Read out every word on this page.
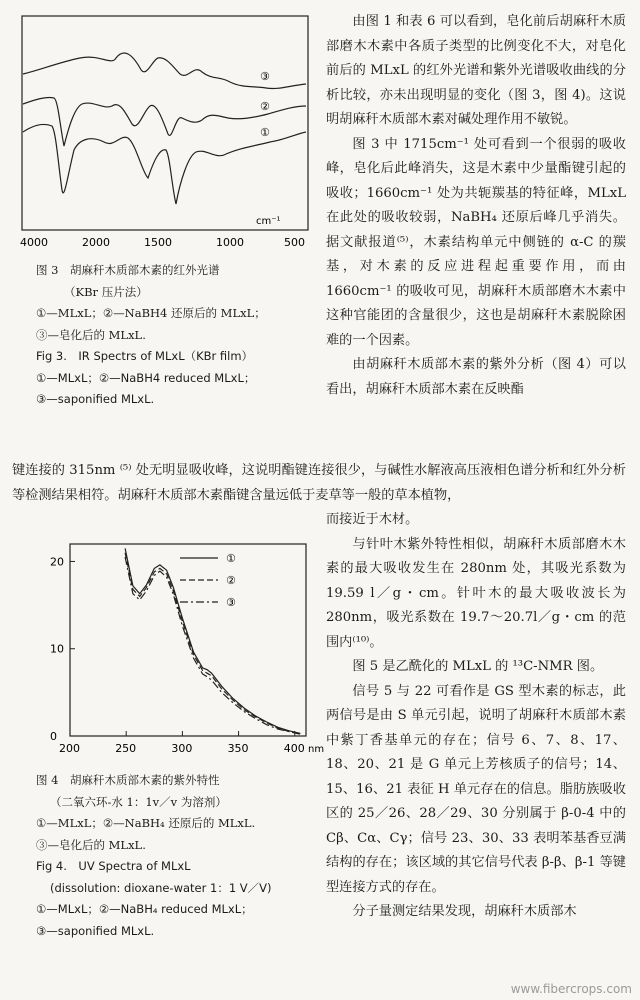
由图 1 和表 6 可以看到，皂化前后胡麻秆木质部磨木木素中各质子类型的比例变化不大，对皂化前后的 MLxL 的红外光谱和紫外光谱吸收曲线的分析比较，亦未出现明显的变化（图 3，图 4)。这说明胡麻秆木质部木素对碱处理作用不敏锐。

图 3 中 1715cm⁻¹ 处可看到一个很弱的吸收峰，皂化后此峰消失，这是木素中少量酯键引起的吸收；1660cm⁻¹ 处为共轭羰基的特征峰，MLxL 在此处的吸收较弱，NaBH₄ 还原后峰几乎消失。据文献报道⁽⁵⁾，木素结构单元中侧链的 α-C 的羰基，对木素的反应进程起重要作用，而由 1660cm⁻¹ 的吸收可见，胡麻秆木质部磨木木素中这种官能团的含量很少，这也是胡麻秆木素脱除困难的一个因素。

由胡麻秆木质部木素的紫外分析（图 4）可以看出，胡麻秆木质部木素在反映酯

键连接的 315nm ⁽⁵⁾ 处无明显吸收峰，这说明酯键连接很少，与碱性水解液高压液相色谱分析和红外分析等检测结果相符。胡麻秆木质部木素酯键含量远低于麦草等一般的草本植物，

而接近于木材。

与针叶木紫外特性相似，胡麻秆木质部磨木木素的最大吸收发生在 280nm 处，其吸光系数为 19.59 l／g・cm。针叶木的最大吸收波长为 280nm，吸光系数在 19.7～20.7l／g・cm 的范围内⁽¹⁰⁾。

图 5 是乙酰化的 MLxL 的 ¹³C-NMR 图。

信号 5 与 22 可看作是 GS 型木素的标志，此两信号是由 S 单元引起，说明了胡麻秆木质部木素中紫丁香基单元的存在；信号 6、7、8、17、18、20、21 是 G 单元上芳核质子的信号；14、15、16、21 表征 H 单元存在的信息。脂肪族吸收区的 25／26、28／29、30 分别属于 β-0-4 中的 Cβ、Cα、Cγ；信号 23、30、33 表明苯基香豆满结构的存在；该区域的其它信号代表 β-β、β-1 等键型连接方式的存在。

分子量测定结果发现，胡麻秆木质部木

③
②
①
cm⁻¹
4000	2000	1500	1000	500
图 3　胡麻秆木质部木素的红外光谱
（KBr 压片法）
①—MLxL；②—NaBH4 还原后的 MLxL；
③—皂化后的 MLxL.
Fig 3.　IR Spectrs of MLxL（KBr film）
①—MLxL；②—NaBH4 reduced MLxL；
③—saponified MLxL.
20
10
0
200	250	300	350	400 nm
①
②
③
图 4　胡麻秆木质部木素的紫外特性
（二氧六环-水 1：1v／v 为溶剂）
①—MLxL；②—NaBH₄ 还原后的 MLxL.
③—皂化后的 MLxL.
Fig 4.　UV Spectra of MLxL
(dissolution: dioxane-water 1：1 V／V)
①—MLxL；②—NaBH₄ reduced MLxL；
③—saponified MLxL.
www.fibercrops.com
